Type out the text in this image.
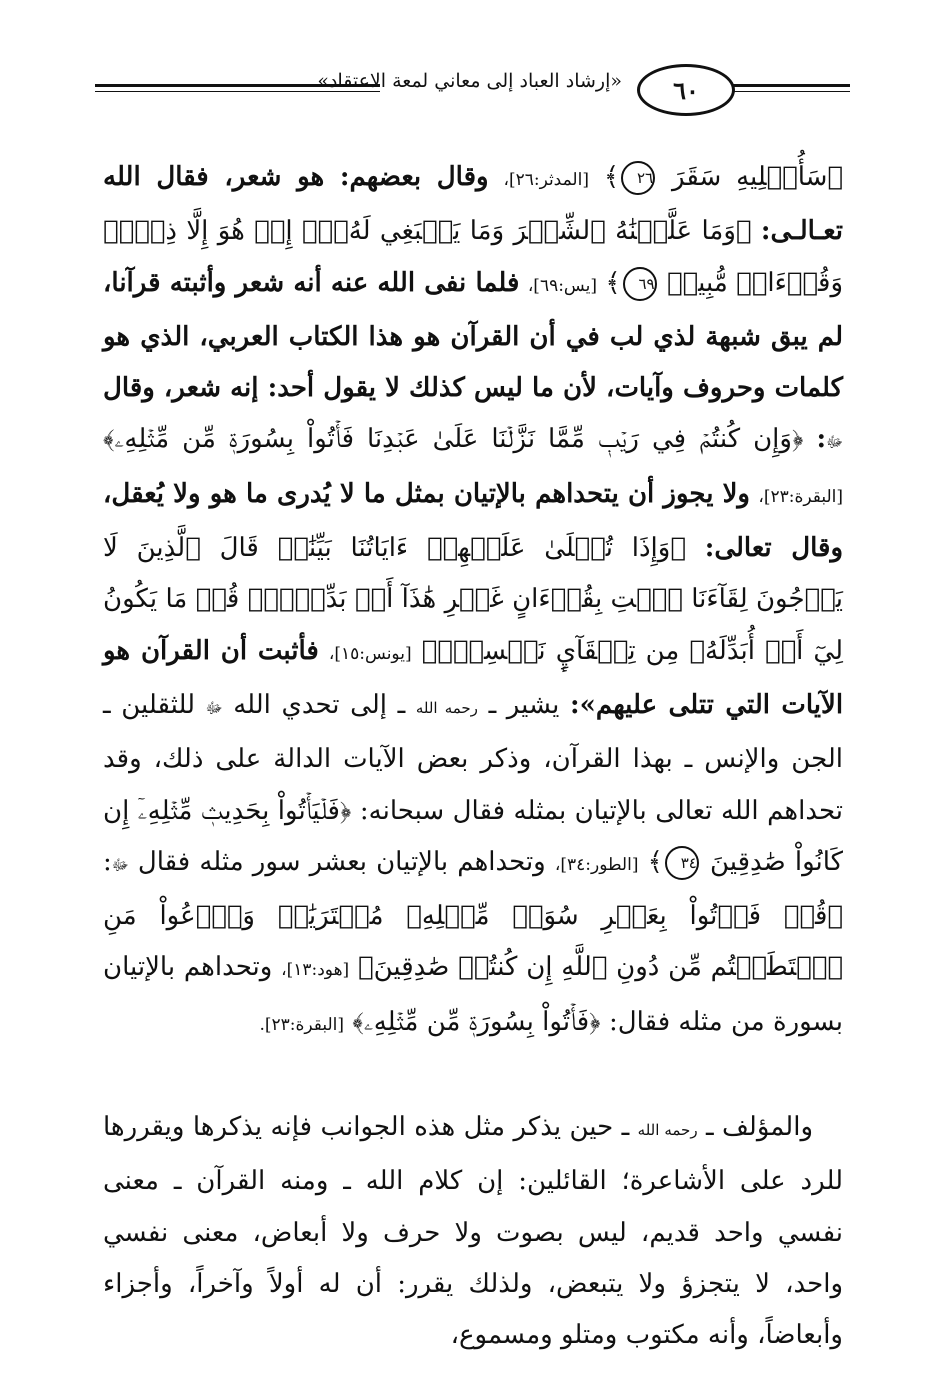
٦٠
«إرشاد العباد إلى معاني لمعة الاعتقاد»
﴿سَأُصۡلِيهِ سَقَرَ ٢٦﴾ [المدثر:٢٦]، وقال بعضهم: هو شعر، فقال الله تعـالـى: ﴿وَمَا عَلَّمۡنَٰهُ ٱلشِّعۡرَ وَمَا يَنۢبَغِي لَهُۥٓۚ إِنۡ هُوَ إِلَّا ذِكۡرٞ وَقُرۡءَانٞ مُّبِينٞ ٦٩﴾ [يس:٦٩]، فلما نفى الله عنه أنه شعر وأثبته قرآنا، لم يبق شبهة لذي لب في أن القرآن هو هذا الكتاب العربي، الذي هو كلمات وحروف وآيات، لأن ما ليس كذلك لا يقول أحد: إنه شعر، وقال ﷻ: ﴿وَإِن كُنتُمۡ فِي رَيۡبٖ مِّمَّا نَزَّلۡنَا عَلَىٰ عَبۡدِنَا فَأۡتُواْ بِسُورَةٖ مِّن مِّثۡلِهِۦ﴾ [البقرة:٢٣]، ولا يجوز أن يتحداهم بالإتيان بمثل ما لا يُدرى ما هو ولا يُعقل، وقال تعالى: ﴿وَإِذَا تُتۡلَىٰ عَلَيۡهِمۡ ءَايَاتُنَا بَيِّنَٰتٖ قَالَ ٱلَّذِينَ لَا يَرۡجُونَ لِقَآءَنَا ٱئۡتِ بِقُرۡءَانٍ غَيۡرِ هَٰذَآ أَوۡ بَدِّلۡهُۚ قُلۡ مَا يَكُونُ لِيٓ أَنۡ أُبَدِّلَهُۥ مِن تِلۡقَآيِٕ نَفۡسِيٓۖ﴾ [يونس:١٥]، فأثبت أن القرآن هو الآيات التي تتلى عليهم»: يشير ـ رحمه الله ـ إلى تحدي الله ﷻ للثقلين ـ الجن والإنس ـ بهذا القرآن، وذكر بعض الآيات الدالة على ذلك، وقد تحداهم الله تعالى بالإتيان بمثله فقال سبحانه: ﴿فَلۡيَأۡتُواْ بِحَدِيثٖ مِّثۡلِهِۦٓ إِن كَانُواْ صَٰدِقِينَ ٣٤﴾ [الطور:٣٤]، وتحداهم بالإتيان بعشر سور مثله فقال ﷻ: ﴿قُلۡ فَأۡتُواْ بِعَشۡرِ سُوَرٖ مِّثۡلِهِۦ مُفۡتَرَيَٰتٖ وَٱدۡعُواْ مَنِ ٱسۡتَطَعۡتُم مِّن دُونِ ٱللَّهِ إِن كُنتُمۡ صَٰدِقِينَ﴾ [هود:١٣]، وتحداهم بالإتيان بسورة من مثله فقال: ﴿فَأۡتُواْ بِسُورَةٖ مِّن مِّثۡلِهِۦ﴾ [البقرة:٢٣].
والمؤلف ـ رحمه الله ـ حين يذكر مثل هذه الجوانب فإنه يذكرها ويقررها للرد على الأشاعرة؛ القائلين: إن كلام الله ـ ومنه القرآن ـ معنى نفسي واحد قديم، ليس بصوت ولا حرف ولا أبعاض، معنى نفسي واحد، لا يتجزؤ ولا يتبعض، ولذلك يقرر: أن له أولاً وآخراً، وأجزاء وأبعاضاً، وأنه مكتوب ومتلو ومسموع،
